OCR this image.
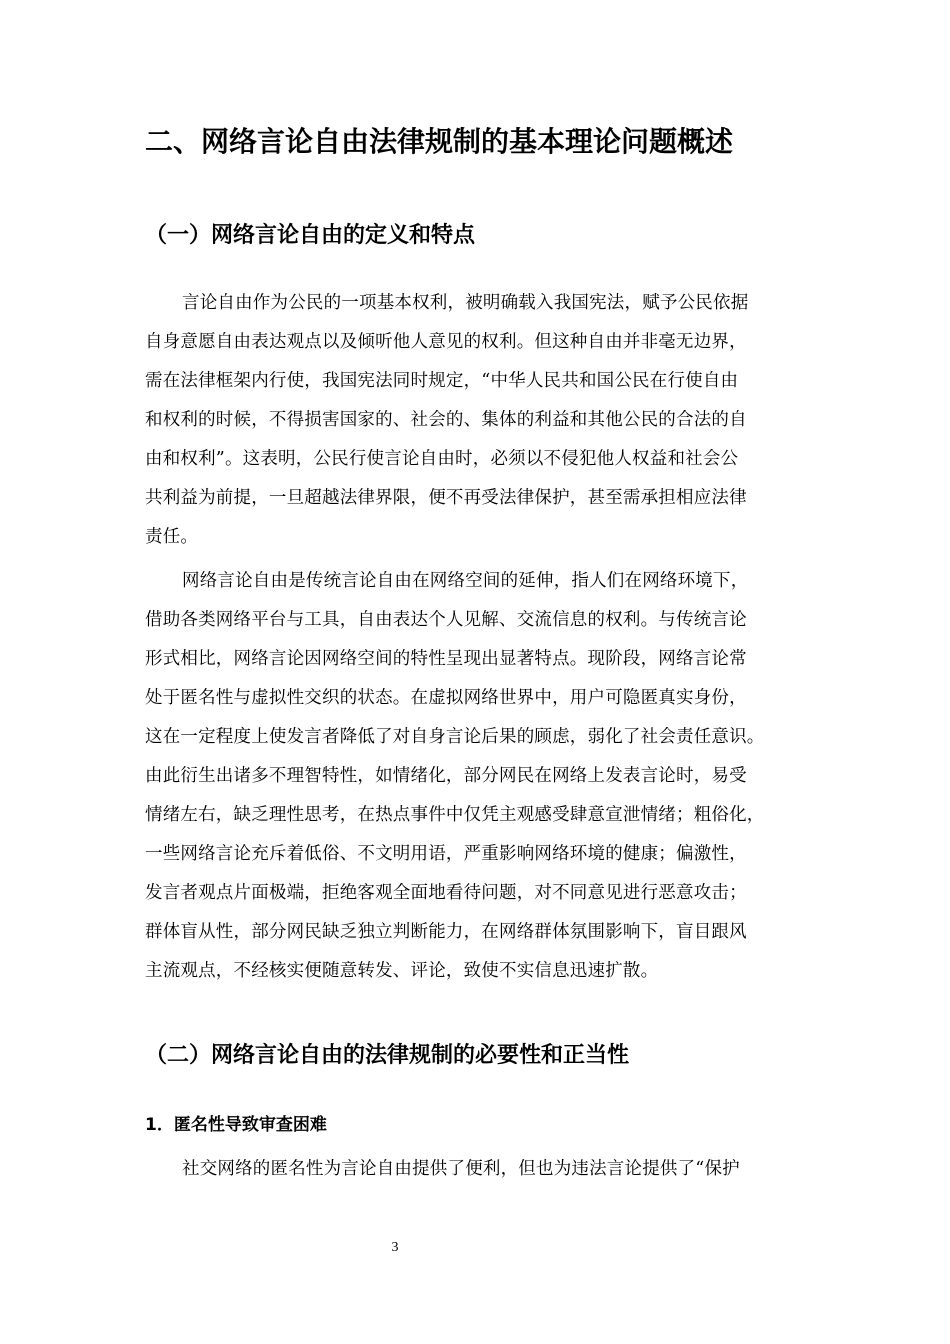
二、网络言论自由法律规制的基本理论问题概述
（一）网络言论自由的定义和特点
言论自由作为公民的一项基本权利，被明确载入我国宪法，赋予公民依据
自身意愿自由表达观点以及倾听他人意见的权利。但这种自由并非毫无边界，
需在法律框架内行使，我国宪法同时规定，“中华人民共和国公民在行使自由
和权利的时候，不得损害国家的、社会的、集体的利益和其他公民的合法的自
由和权利”。这表明，公民行使言论自由时，必须以不侵犯他人权益和社会公
共利益为前提，一旦超越法律界限，便不再受法律保护，甚至需承担相应法律
责任。
网络言论自由是传统言论自由在网络空间的延伸，指人们在网络环境下，
借助各类网络平台与工具，自由表达个人见解、交流信息的权利。与传统言论
形式相比，网络言论因网络空间的特性呈现出显著特点。现阶段，网络言论常
处于匿名性与虚拟性交织的状态。在虚拟网络世界中，用户可隐匿真实身份，
这在一定程度上使发言者降低了对自身言论后果的顾虑，弱化了社会责任意识。
由此衍生出诸多不理智特性，如情绪化，部分网民在网络上发表言论时，易受
情绪左右，缺乏理性思考，在热点事件中仅凭主观感受肆意宣泄情绪；粗俗化，
一些网络言论充斥着低俗、不文明用语，严重影响网络环境的健康；偏激性，
发言者观点片面极端，拒绝客观全面地看待问题，对不同意见进行恶意攻击；
群体盲从性，部分网民缺乏独立判断能力，在网络群体氛围影响下，盲目跟风
主流观点，不经核实便随意转发、评论，致使不实信息迅速扩散。
（二）网络言论自由的法律规制的必要性和正当性
1．匿名性导致审查困难
社交网络的匿名性为言论自由提供了便利，但也为违法言论提供了“保护
3
